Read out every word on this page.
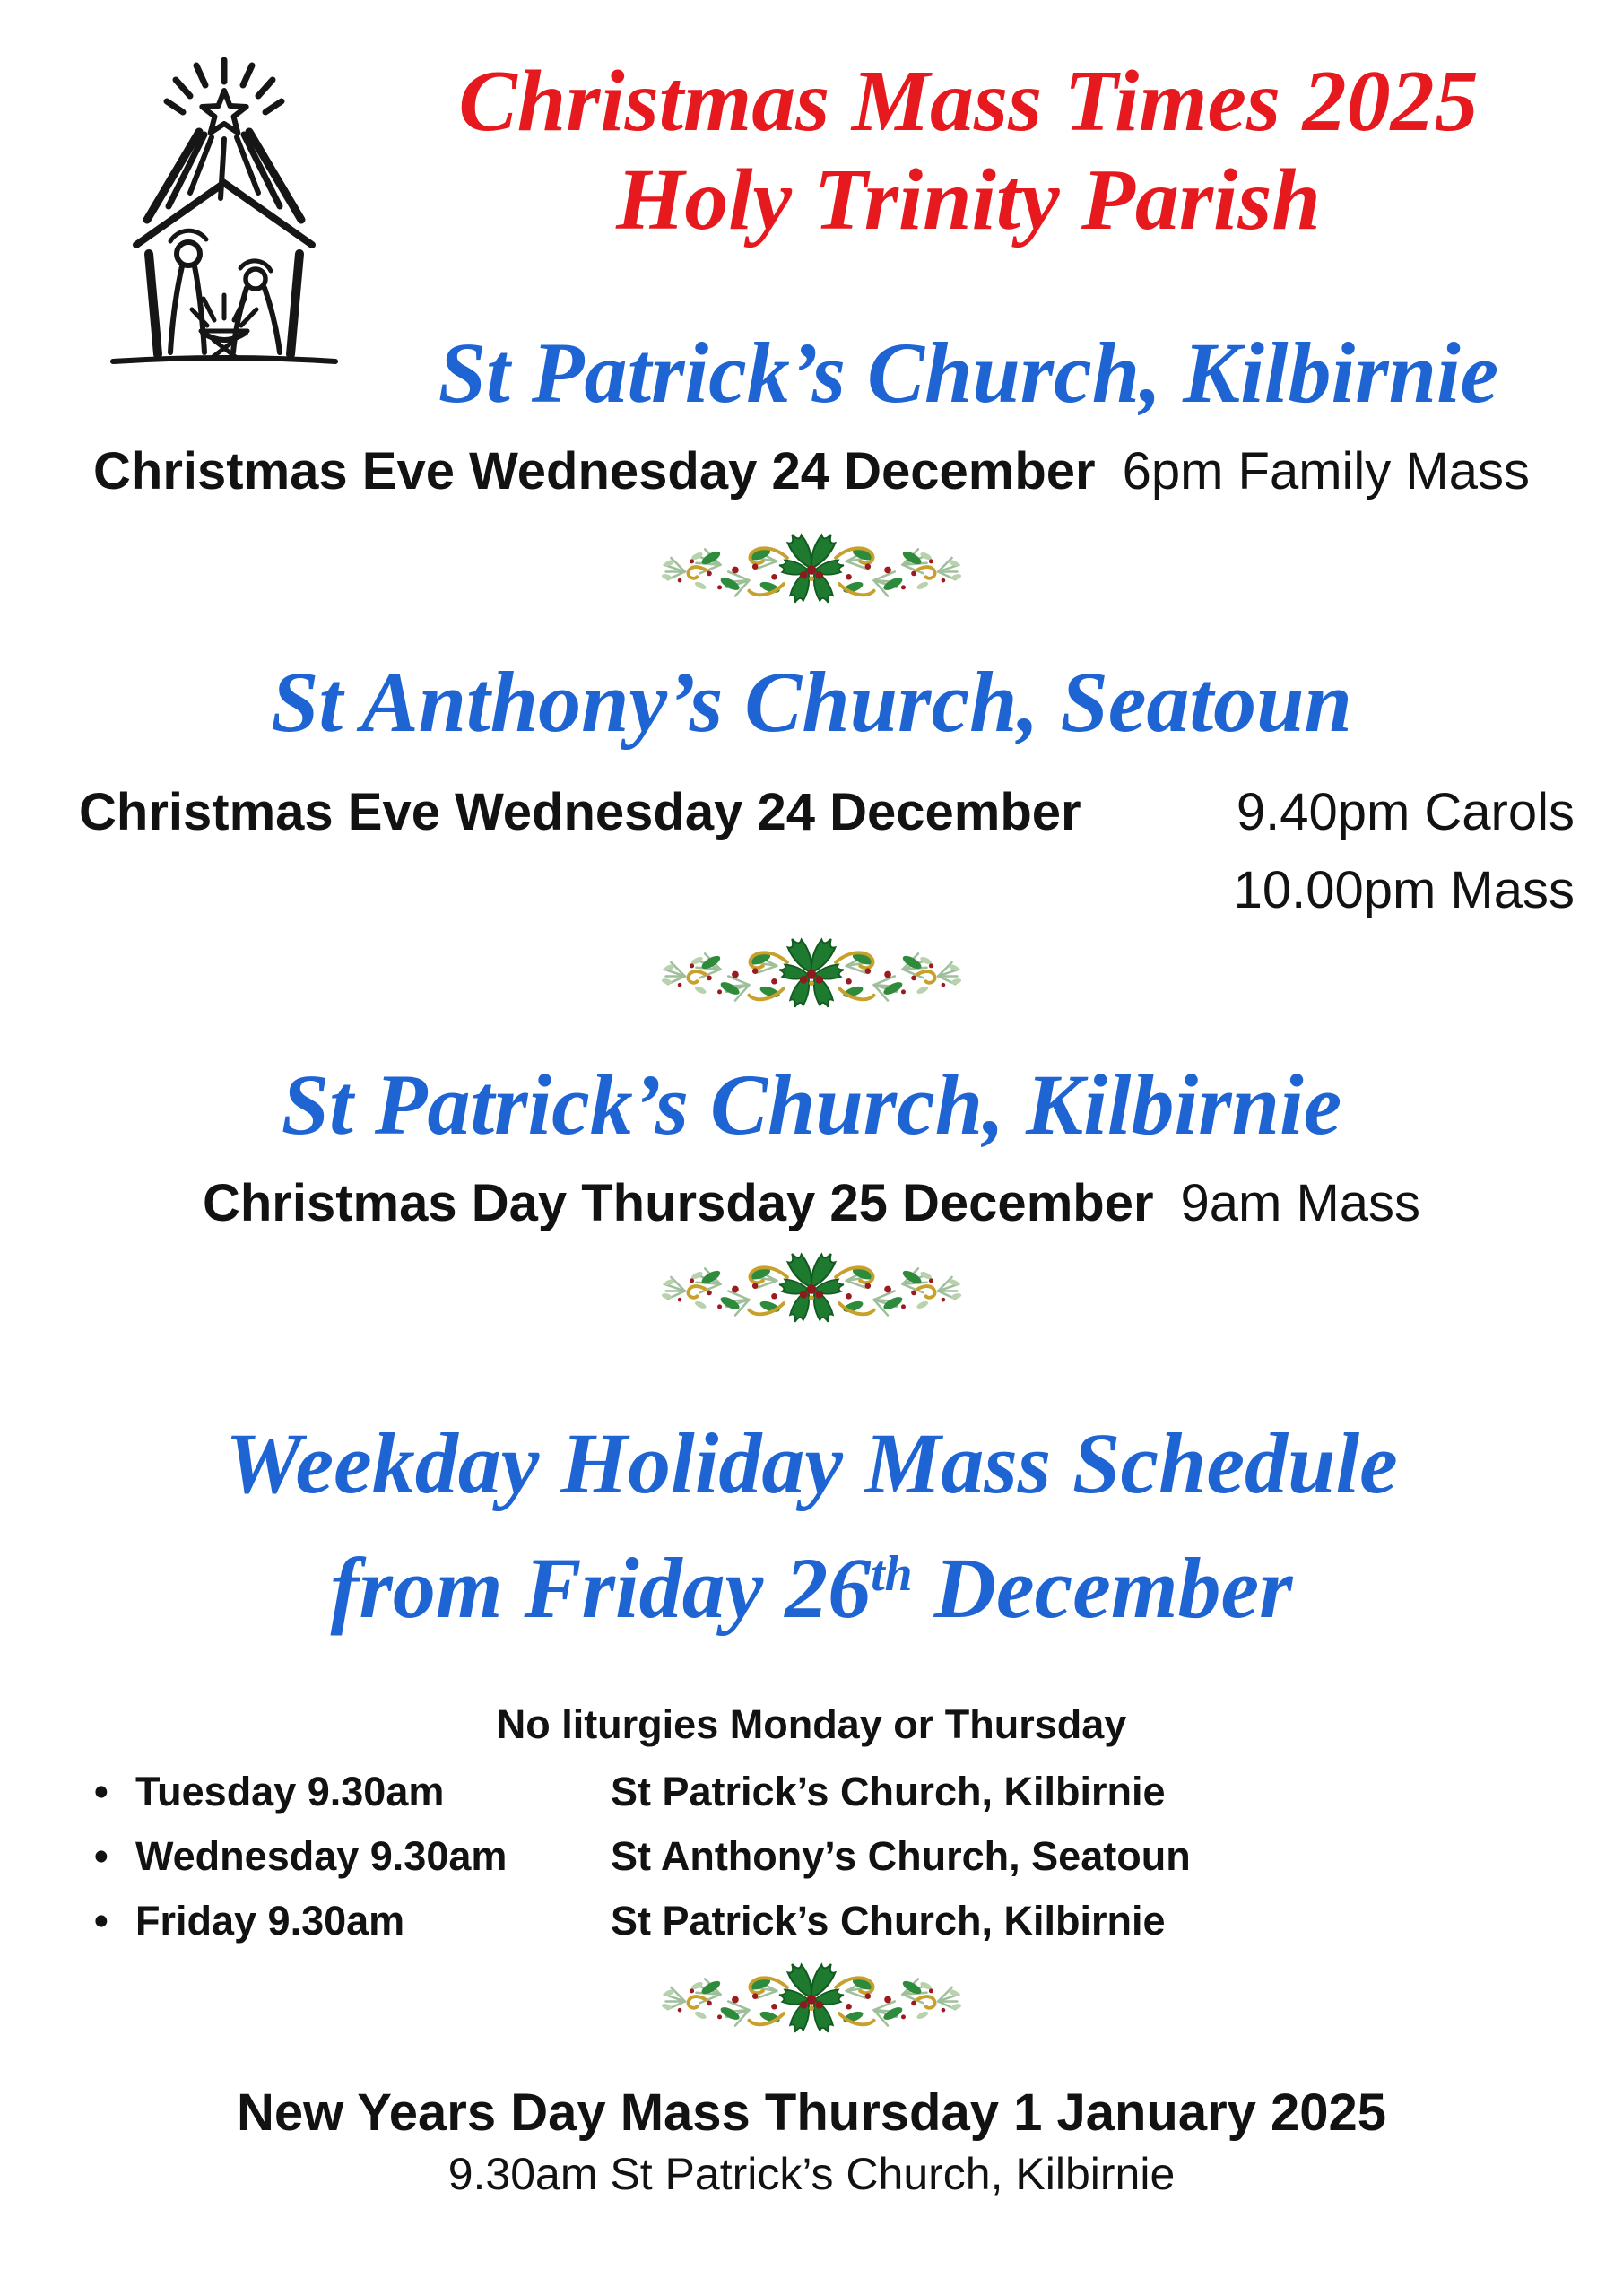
Christmas Mass Times 2025
Holy Trinity Parish
St Patrick’s Church, Kilbirnie
Christmas Eve Wednesday 24 December 6pm Family Mass
St Anthony’s Church, Seatoun
Christmas Eve Wednesday 24 December	9.40pm Carols
10.00pm Mass
St Patrick’s Church, Kilbirnie
Christmas Day Thursday 25 December 9am Mass
Weekday Holiday Mass Schedule
from Friday 26th December
No liturgies Monday or Thursday
• Tuesday 9.30am	St Patrick’s Church, Kilbirnie
• Wednesday 9.30am	St Anthony’s Church, Seatoun
• Friday 9.30am	St Patrick’s Church, Kilbirnie
New Years Day Mass Thursday 1 January 2025
9.30am St Patrick’s Church, Kilbirnie
